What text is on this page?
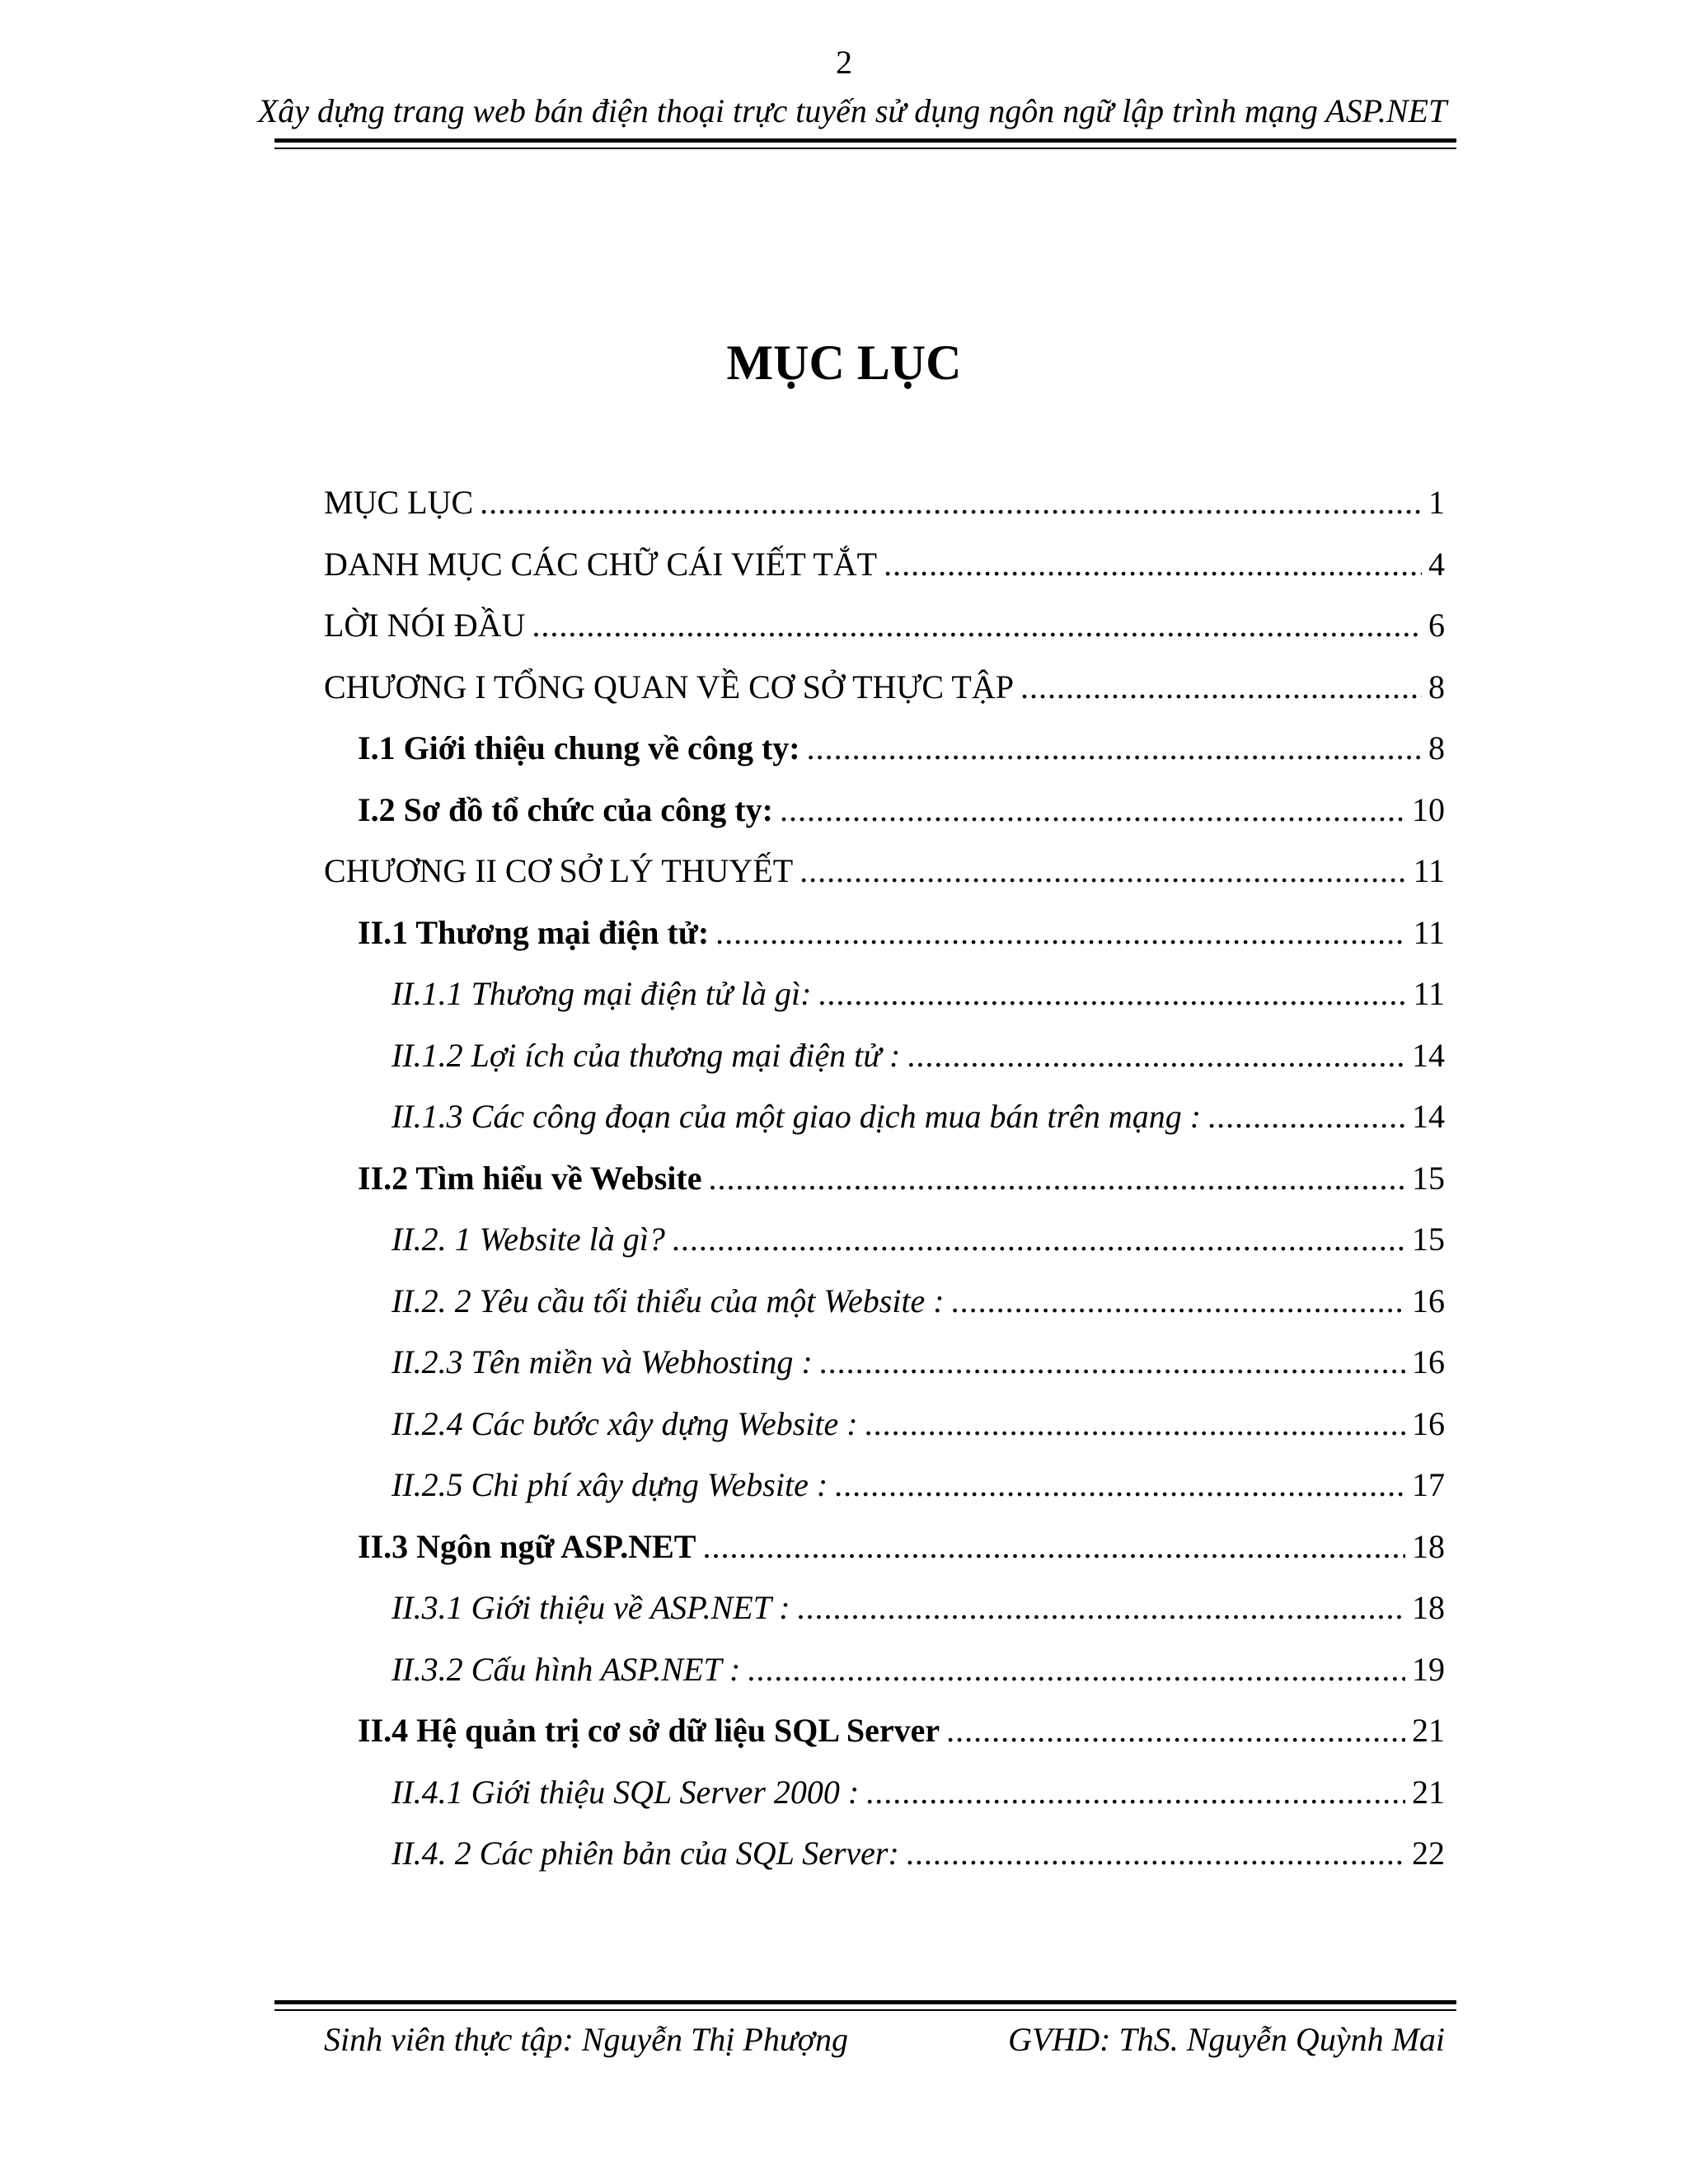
2
Xây dựng trang web bán điện thoại trực tuyến sử dụng ngôn ngữ lập trình mạng ASP.NET
MỤC LỤC
MỤC LỤC .....	1
DANH MỤC CÁC CHỮ CÁI VIẾT TẮT .....	4
LỜI NÓI ĐẦU .....	6
CHƯƠNG I TỔNG QUAN VỀ CƠ SỞ THỰC TẬP .....	8
I.1 Giới thiệu chung về công ty: .....	8
I.2 Sơ đồ tổ chức của công ty: .....	10
CHƯƠNG II CƠ SỞ LÝ THUYẾT .....	11
II.1 Thương mại điện tử: .....	11
II.1.1 Thương mại điện tử là gì: .....	11
II.1.2 Lợi ích của thương mại điện tử : .....	14
II.1.3 Các công đoạn của một giao dịch mua bán trên mạng : .....	14
II.2 Tìm hiểu về Website .....	15
II.2. 1 Website là gì? .....	15
II.2. 2 Yêu cầu tối thiểu của một Website : .....	16
II.2.3 Tên miền và Webhosting : .....	16
II.2.4 Các bước xây dựng Website : .....	16
II.2.5 Chi phí xây dựng Website : .....	17
II.3 Ngôn ngữ ASP.NET .....	18
II.3.1 Giới thiệu về ASP.NET : .....	18
II.3.2 Cấu hình ASP.NET : .....	19
II.4 Hệ quản trị cơ sở dữ liệu SQL Server .....	21
II.4.1 Giới thiệu SQL Server 2000 : .....	21
II.4. 2 Các phiên bản của SQL Server: .....	22
Sinh viên thực tập: Nguyễn Thị Phượng	GVHD: ThS. Nguyễn Quỳnh Mai
